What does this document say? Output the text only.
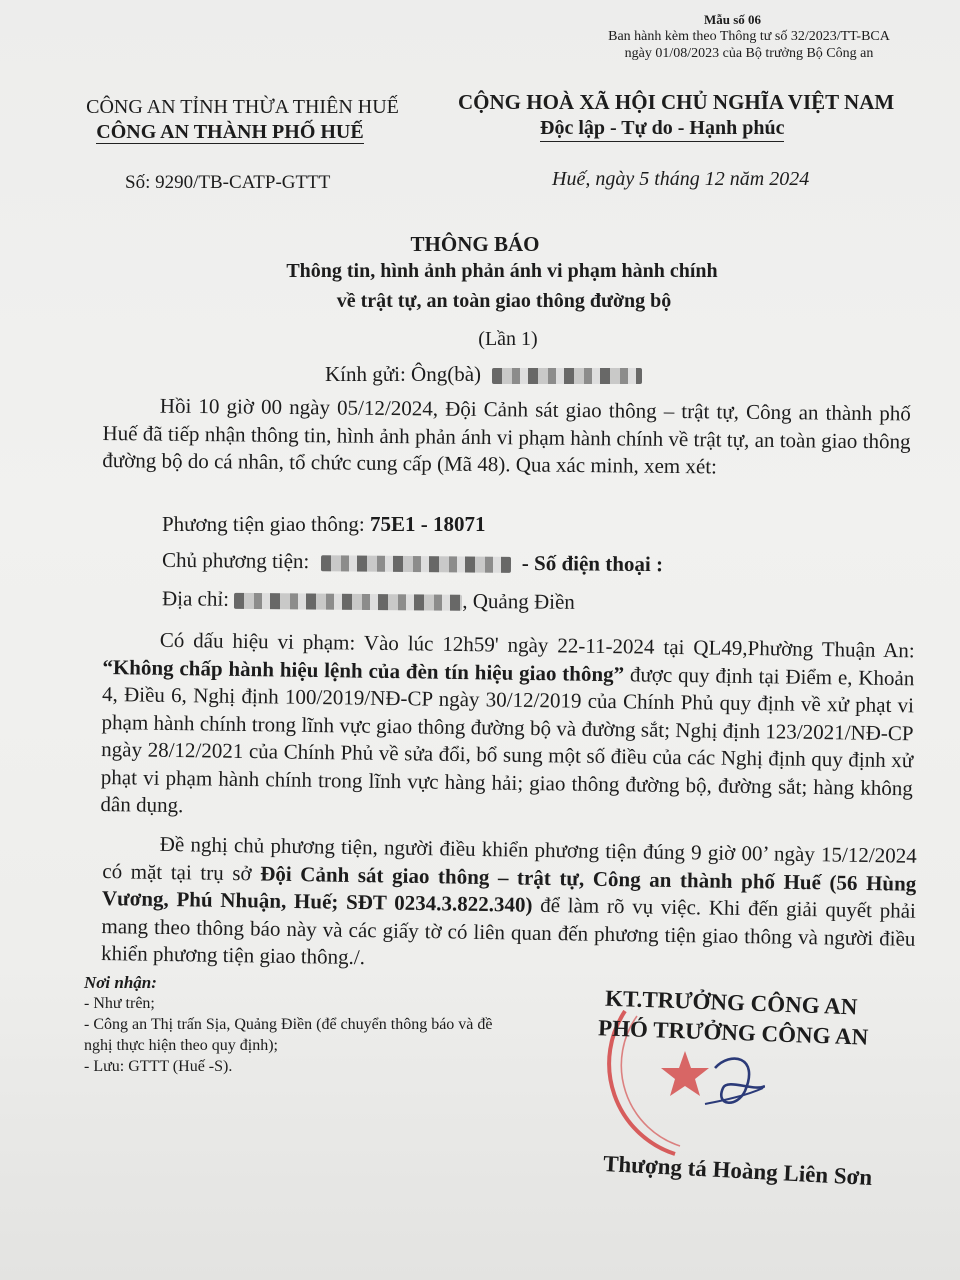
Mẫu số 06
Ban hành kèm theo Thông tư số 32/2023/TT-BCA
ngày 01/08/2023 của Bộ trưởng Bộ Công an
CÔNG AN TỈNH THỪA THIÊN HUẾ
CÔNG AN THÀNH PHỐ HUẾ
CỘNG HOÀ XÃ HỘI CHỦ NGHĨA VIỆT NAM
Độc lập - Tự do - Hạnh phúc
Số: 9290/TB-CATP-GTTT	Huế, ngày 5 tháng 12 năm 2024
THÔNG BÁO
Thông tin, hình ảnh phản ánh vi phạm hành chính
về trật tự, an toàn giao thông đường bộ
(Lần 1)
Kính gửi: Ông(bà)
Hồi 10 giờ 00 ngày 05/12/2024, Đội Cảnh sát giao thông – trật tự, Công an thành phố Huế đã tiếp nhận thông tin, hình ảnh phản ánh vi phạm hành chính về trật tự, an toàn giao thông đường bộ do cá nhân, tổ chức cung cấp (Mã 48). Qua xác minh, xem xét:
Phương tiện giao thông: 75E1 - 18071
Chủ phương tiện:	- Số điện thoại :
Địa chỉ:	, Quảng Điền
Có dấu hiệu vi phạm: Vào lúc 12h59' ngày 22-11-2024 tại QL49,Phường Thuận An: “Không chấp hành hiệu lệnh của đèn tín hiệu giao thông” được quy định tại Điểm e, Khoản 4, Điều 6, Nghị định 100/2019/NĐ-CP ngày 30/12/2019 của Chính Phủ quy định về xử phạt vi phạm hành chính trong lĩnh vực giao thông đường bộ và đường sắt; Nghị định 123/2021/NĐ-CP ngày 28/12/2021 của Chính Phủ về sửa đổi, bổ sung một số điều của các Nghị định quy định xử phạt vi phạm hành chính trong lĩnh vực hàng hải; giao thông đường bộ, đường sắt; hàng không dân dụng.
Đề nghị chủ phương tiện, người điều khiển phương tiện đúng 9 giờ 00’ ngày 15/12/2024 có mặt tại trụ sở Đội Cảnh sát giao thông – trật tự, Công an thành phố Huế (56 Hùng Vương, Phú Nhuận, Huế; SĐT 0234.3.822.340) để làm rõ vụ việc. Khi đến giải quyết phải mang theo thông báo này và các giấy tờ có liên quan đến phương tiện giao thông và người điều khiển phương tiện giao thông./.
Nơi nhận:
- Như trên;
- Công an Thị trấn Sịa, Quảng Điền (để chuyển thông báo và đề nghị thực hiện theo quy định);
- Lưu: GTTT (Huế -S).
KT.TRƯỞNG CÔNG AN
PHÓ TRƯỞNG CÔNG AN
Thượng tá Hoàng Liên Sơn
